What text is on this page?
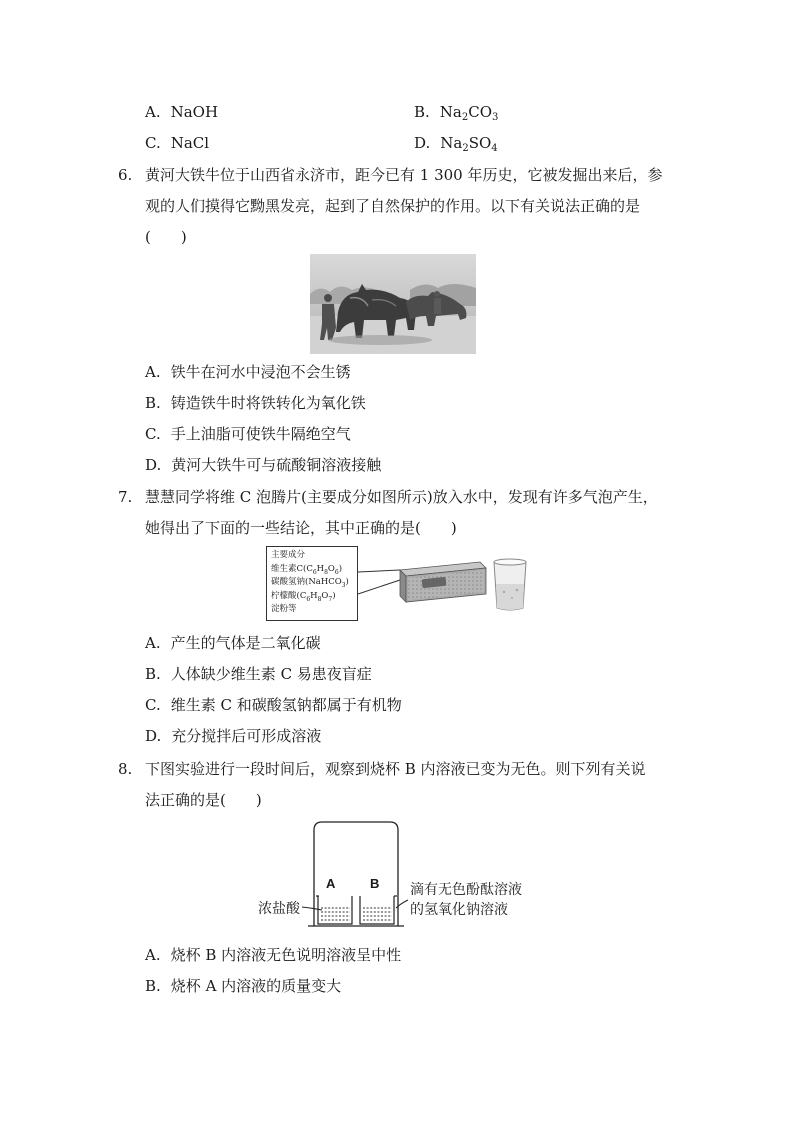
A. NaOH	B. $Na_2CO_3$
C. NaCl	D. $Na_2SO_4$
6. 黄河大铁牛位于山西省永济市，距今已有 1 300 年历史，它被发掘出来后，参
观的人们摸得它黝黑发亮，起到了自然保护的作用。以下有关说法正确的是
(　　)
A. 铁牛在河水中浸泡不会生锈
B. 铸造铁牛时将铁转化为氧化铁
C. 手上油脂可使铁牛隔绝空气
D. 黄河大铁牛可与硫酸铜溶液接触
7. 慧慧同学将维 C 泡腾片(主要成分如图所示)放入水中，发现有许多气泡产生，
她得出了下面的一些结论，其中正确的是(　　)
主要成分
维生素$C(C_6H_8O_6)$
碳酸氢钠(NaHCO$_3$)
柠檬酸$(C_6H_8O_7)$
淀粉等
A. 产生的气体是二氧化碳
B. 人体缺少维生素 C 易患夜盲症
C. 维生素 C 和碳酸氢钠都属于有机物
D. 充分搅拌后可形成溶液
8. 下图实验进行一段时间后，观察到烧杯 B 内溶液已变为无色。则下列有关说
法正确的是(　　)
A	B
浓盐酸
滴有无色酚酞溶液
的氢氧化钠溶液
A. 烧杯 B 内溶液无色说明溶液呈中性
B. 烧杯 A 内溶液的质量变大
